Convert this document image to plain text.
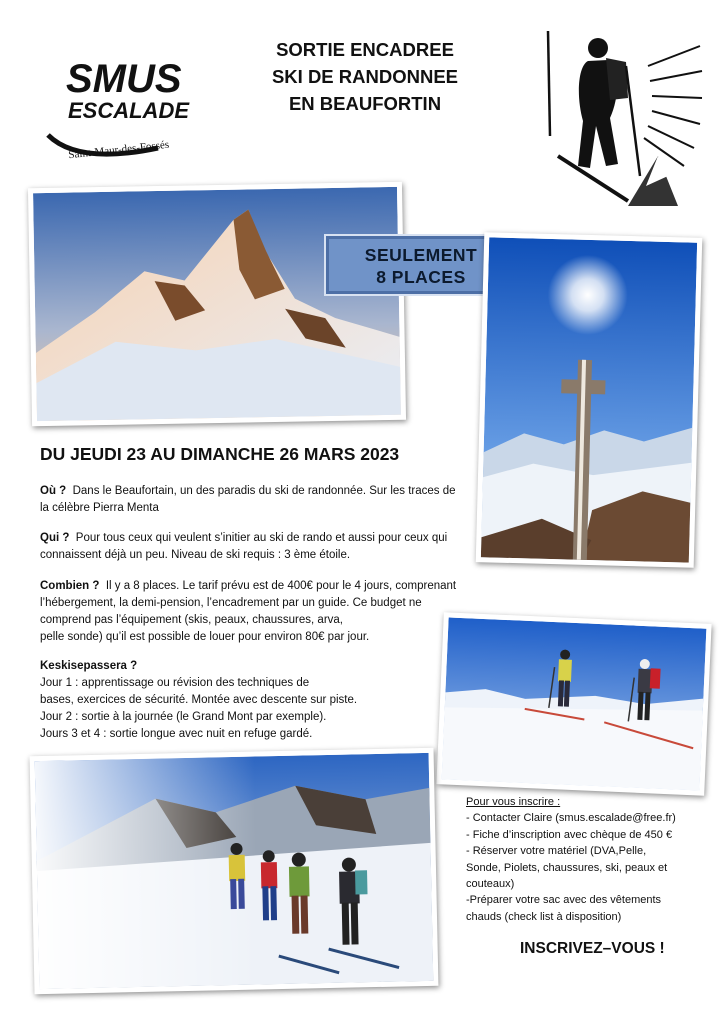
SMUS
ESCALADE
Saint-Maur-des-Fossés
SORTIE ENCADREE
SKI DE RANDONNEE
EN BEAUFORTIN
SEULEMENT
8 PLACES
DU JEUDI 23 AU DIMANCHE 26 MARS 2023
Où ? Dans le Beaufortain, un des paradis du ski de randonnée. Sur les traces de
la célèbre Pierra Menta
Qui ? Pour tous ceux qui veulent s’initier au ski de rando et aussi pour ceux qui
connaissent déjà un peu. Niveau de ski requis : 3 ème étoile.
Combien ? Il y a 8 places. Le tarif prévu est de 400€ pour le 4 jours, comprenant
l’hébergement, la demi-pension, l’encadrement par un guide. Ce budget ne
comprend pas l’équipement (skis, peaux, chaussures, arva,
pelle sonde) qu’il est possible de louer pour environ 80€ par jour.
Keskisepassera ?
Jour 1 : apprentissage ou révision des techniques de
bases, exercices de sécurité. Montée avec descente sur piste.
Jour 2 : sortie à la journée (le Grand Mont par exemple).
Jours 3 et 4 : sortie longue avec nuit en refuge gardé.
Pour vous inscrire :
- Contacter Claire (smus.escalade@free.fr)
- Fiche d’inscription avec chèque de 450 €
- Réserver votre matériel (DVA,Pelle,
Sonde, Piolets, chaussures, ski, peaux et
couteaux)
-Préparer votre sac avec des vêtements
chauds (check list à disposition)
INSCRIVEZ–VOUS !
